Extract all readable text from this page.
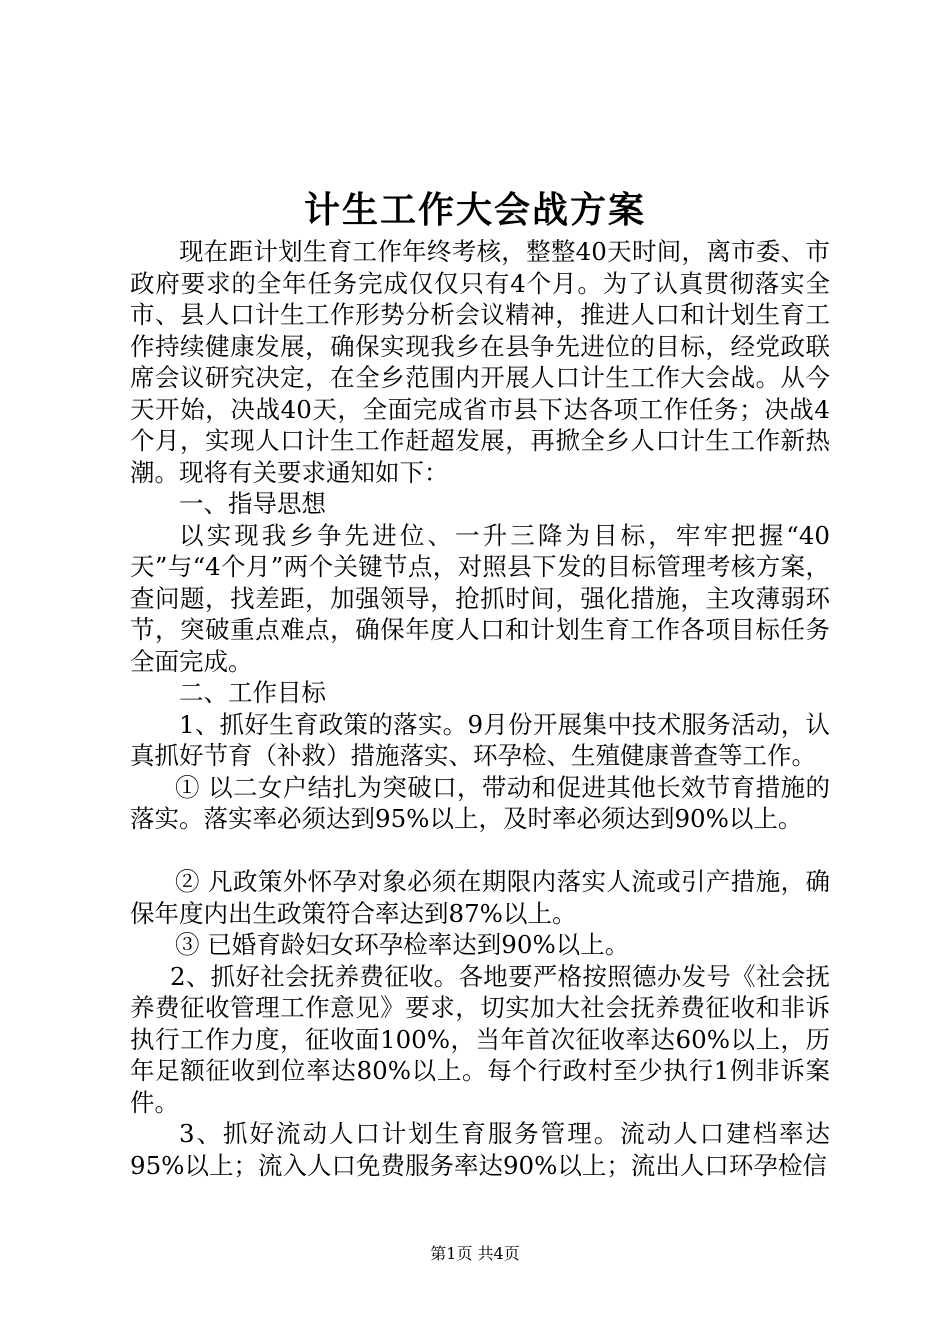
计生工作大会战方案

现在距计划生育工作年终考核，整整40天时间，离市委、市政府要求的全年任务完成仅仅只有4个月。为了认真贯彻落实全市、县人口计生工作形势分析会议精神，推进人口和计划生育工作持续健康发展，确保实现我乡在县争先进位的目标，经党政联席会议研究决定，在全乡范围内开展人口计生工作大会战。从今天开始，决战40天，全面完成省市县下达各项工作任务；决战4个月，实现人口计生工作赶超发展，再掀全乡人口计生工作新热潮。现将有关要求通知如下：

一、指导思想

以实现我乡争先进位、一升三降为目标，牢牢把握“40天”与“4个月”两个关键节点，对照县下发的目标管理考核方案，查问题，找差距，加强领导，抢抓时间，强化措施，主攻薄弱环节，突破重点难点，确保年度人口和计划生育工作各项目标任务全面完成。

二、工作目标

1、抓好生育政策的落实。9月份开展集中技术服务活动，认真抓好节育（补救）措施落实、环孕检、生殖健康普查等工作。

① 以二女户结扎为突破口，带动和促进其他长效节育措施的落实。落实率必须达到95%以上，及时率必须达到90%以上。

② 凡政策外怀孕对象必须在期限内落实人流或引产措施，确保年度内出生政策符合率达到87%以上。

③ 已婚育龄妇女环孕检率达到90%以上。

2、抓好社会抚养费征收。各地要严格按照德办发号《社会抚养费征收管理工作意见》要求，切实加大社会抚养费征收和非诉执行工作力度，征收面100%，当年首次征收率达60%以上，历年足额征收到位率达80%以上。每个行政村至少执行1例非诉案件。

3、抓好流动人口计划生育服务管理。流动人口建档率达95%以上；流入人口免费服务率达90%以上；流出人口环孕检信

第1页 共4页
